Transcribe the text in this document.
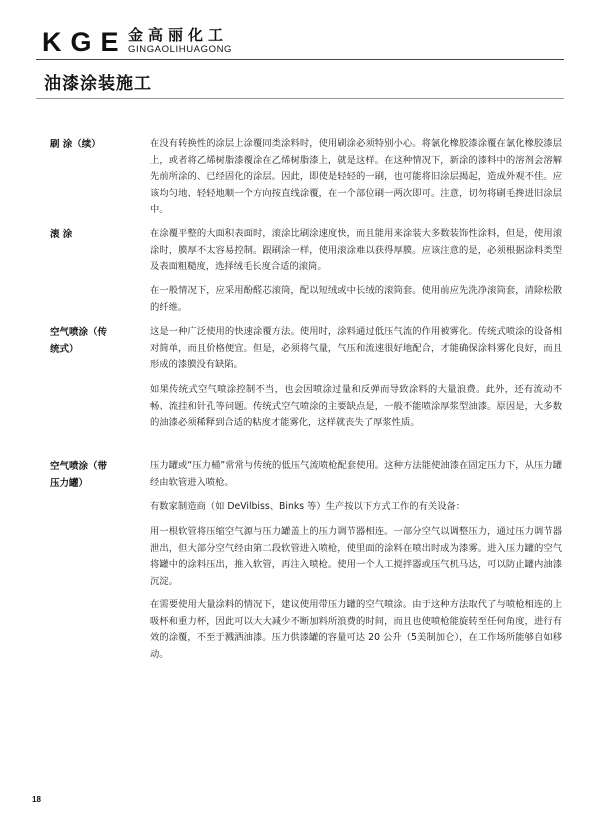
KGE 金高丽化工
GINGAOLIHUAGONG
油漆涂装施工
刷 涂（续）	在没有转换性的涂层上涂覆同类涂料时，使用刷涂必须特别小心。将氯化橡胶漆涂覆在氯化橡胶漆层上，或者将乙烯树脂漆覆涂在乙烯树脂漆上，就是这样。在这种情况下，新涂的漆料中的溶剂会溶解先前所涂的、已经固化的涂层。因此，即使是轻轻的一刷，也可能将旧涂层揭起，造成外观不佳。应该均匀地、轻轻地顺一个方向按直线涂覆，在一个部位刷一两次即可。注意，切勿将刷毛搀进旧涂层中。
滚 涂	在涂覆平整的大面积表面时，滚涂比刷涂速度快，而且能用来涂装大多数装饰性涂料，但是，使用滚涂时，膜厚不太容易控制。跟刷涂一样，使用滚涂难以获得厚膜。应该注意的是，必须根据涂料类型及表面粗糙度，选择绒毛长度合适的滚筒。
在一般情况下，应采用酚醛芯滚筒，配以短绒或中长绒的滚筒套。使用前应先洗净滚筒套，清除松散的纤维。
空气喷涂（传统式）
这是一种广泛使用的快速涂覆方法。使用时，涂料通过低压气流的作用被雾化。传统式喷涂的设备相对简单，而且价格便宜。但是，必须将气量，气压和流速很好地配合，才能确保涂料雾化良好，而且形成的漆膜没有缺陷。
如果传统式空气喷涂控制不当，也会因喷涂过量和反弹而导致涂料的大量浪费。此外，还有流动不畅、流挂和针孔等问题。传统式空气喷涂的主要缺点是，一般不能喷涂厚浆型油漆。原因是，大多数的油漆必须稀释到合适的粘度才能雾化，这样就丧失了厚浆性质。
空气喷涂（带压力罐）
压力罐或“压力桶”常常与传统的低压气流喷枪配套使用。这种方法能使油漆在固定压力下，从压力罐经由软管进入喷枪。
有数家制造商（如 DeVilbiss、Binks 等）生产按以下方式工作的有关设备：
用一根软管将压缩空气源与压力罐盖上的压力调节器相连。一部分空气以调整压力，通过压力调节器泄出，但大部分空气经由第二段软管进入喷枪，使里面的涂料在喷出时成为漆雾。进入压力罐的空气将罐中的涂料压出，推入软管，再注入喷枪。使用一个人工搅拌器或压气机马达，可以防止罐内油漆沉淀。
在需要使用大量涂料的情况下，建议使用带压力罐的空气喷涂。由于这种方法取代了与喷枪相连的上吸杯和重力杯，因此可以大大减少不断加料所浪费的时间，而且也使喷枪能旋转至任何角度，进行有效的涂覆，不至于溅洒油漆。压力供漆罐的容量可达 20 公升（5美制加仑），在工作场所能够自如移动。
18
